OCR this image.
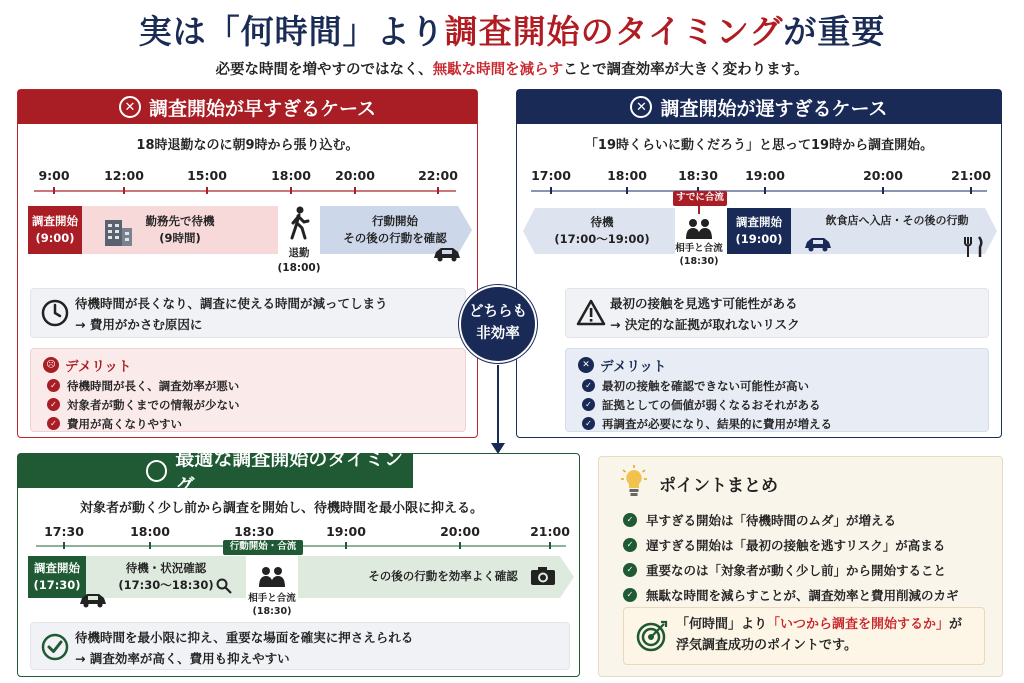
実は「何時間」より調査開始のタイミングが重要
必要な時間を増やすのではなく、無駄な時間を減らすことで調査効率が大きく変わります。
✕ 調査開始が早すぎるケース
18時退勤なのに朝9時から張り込む。
9:00	12:00	15:00	18:00 20:00	22:00
勤務先で待機
(9時間)
調査開始
(9:00)
退勤
(18:00)
行動開始
その後の行動を確認
待機時間が長くなり、調査に使える時間が減ってしまう
→ 費用がかさむ原因に
☹ デメリット
✓ 待機時間が長く、調査効率が悪い
✓ 対象者が動くまでの情報が少ない
✓ 費用が高くなりやすい
✕ 調査開始が遅すぎるケース
「19時くらいに動くだろう」と思って19時から調査開始。
17:00	18:00 18:30 19:00	20:00	21:00
待機
(17:00〜19:00)
すでに合流
相手と合流
(18:30)
調査開始
(19:00)
飲食店へ入店・その後の行動
最初の接触を見逃す可能性がある
→ 決定的な証拠が取れないリスク
✕ デメリット
✓ 最初の接触を確認できない可能性が高い
✓ 証拠としての価値が弱くなるおそれがある
✓ 再調査が必要になり、結果的に費用が増える
どちらも
非効率
最適な調査開始のタイミング
対象者が動く少し前から調査を開始し、待機時間を最小限に抑える。
17:30	18:00	18:30	19:00	20:00	21:00
調査開始
(17:30)
待機・状況確認
(17:30〜18:30)
行動開始・合流
相手と合流
(18:30)
その後の行動を効率よく確認
待機時間を最小限に抑え、重要な場面を確実に押さえられる
→ 調査効率が高く、費用も抑えやすい
ポイントまとめ
✓ 早すぎる開始は「待機時間のムダ」が増える
✓ 遅すぎる開始は「最初の接触を逃すリスク」が高まる
✓ 重要なのは「対象者が動く少し前」から開始すること
✓ 無駄な時間を減らすことが、調査効率と費用削減のカギ
「何時間」より「いつから調査を開始するか」が
浮気調査成功のポイントです。
